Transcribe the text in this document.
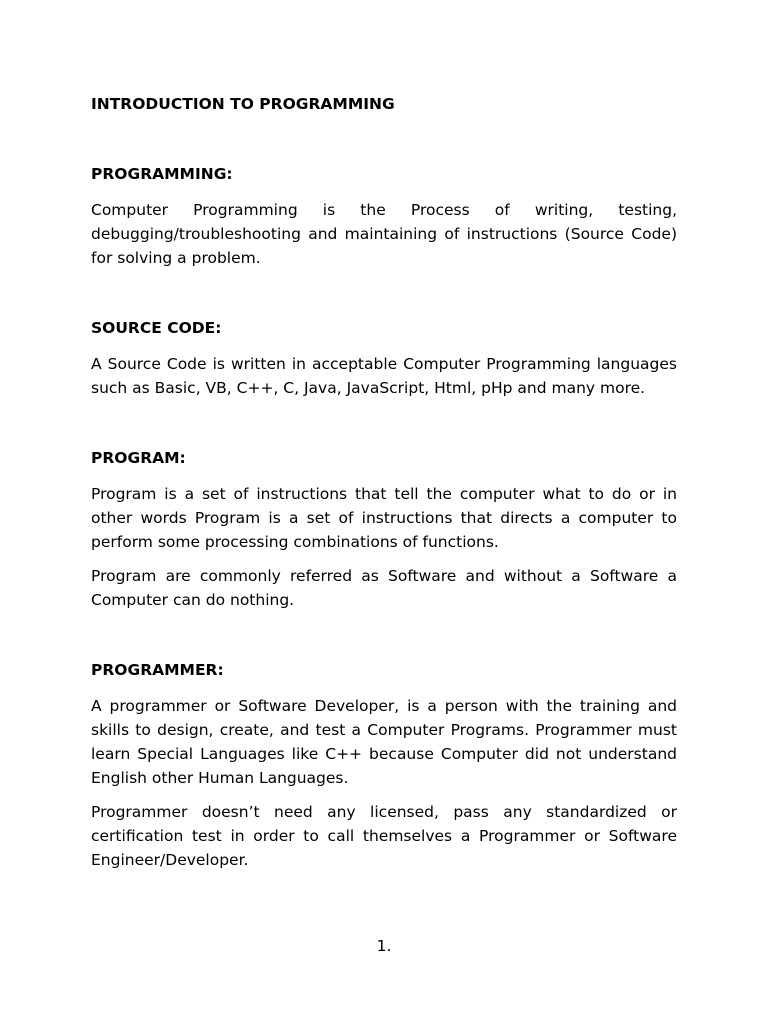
INTRODUCTION TO PROGRAMMING
PROGRAMMING:

Computer Programming is the Process of writing, testing, debugging/troubleshooting and maintaining of instructions (Source Code) for solving a problem.

SOURCE CODE:

A Source Code is written in acceptable Computer Programming languages such as Basic, VB, C++, C, Java, JavaScript, Html, pHp and many more.

PROGRAM:

Program is a set of instructions that tell the computer what to do or in other words Program is a set of instructions that directs a computer to perform some processing combinations of functions.

Program are commonly referred as Software and without a Software a Computer can do nothing.

PROGRAMMER:

A programmer or Software Developer, is a person with the training and skills to design, create, and test a Computer Programs. Programmer must learn Special Languages like C++ because Computer did not understand English other Human Languages.

Programmer doesn’t need any licensed, pass any standardized or certification test in order to call themselves a Programmer or Software Engineer/Developer.

1.
